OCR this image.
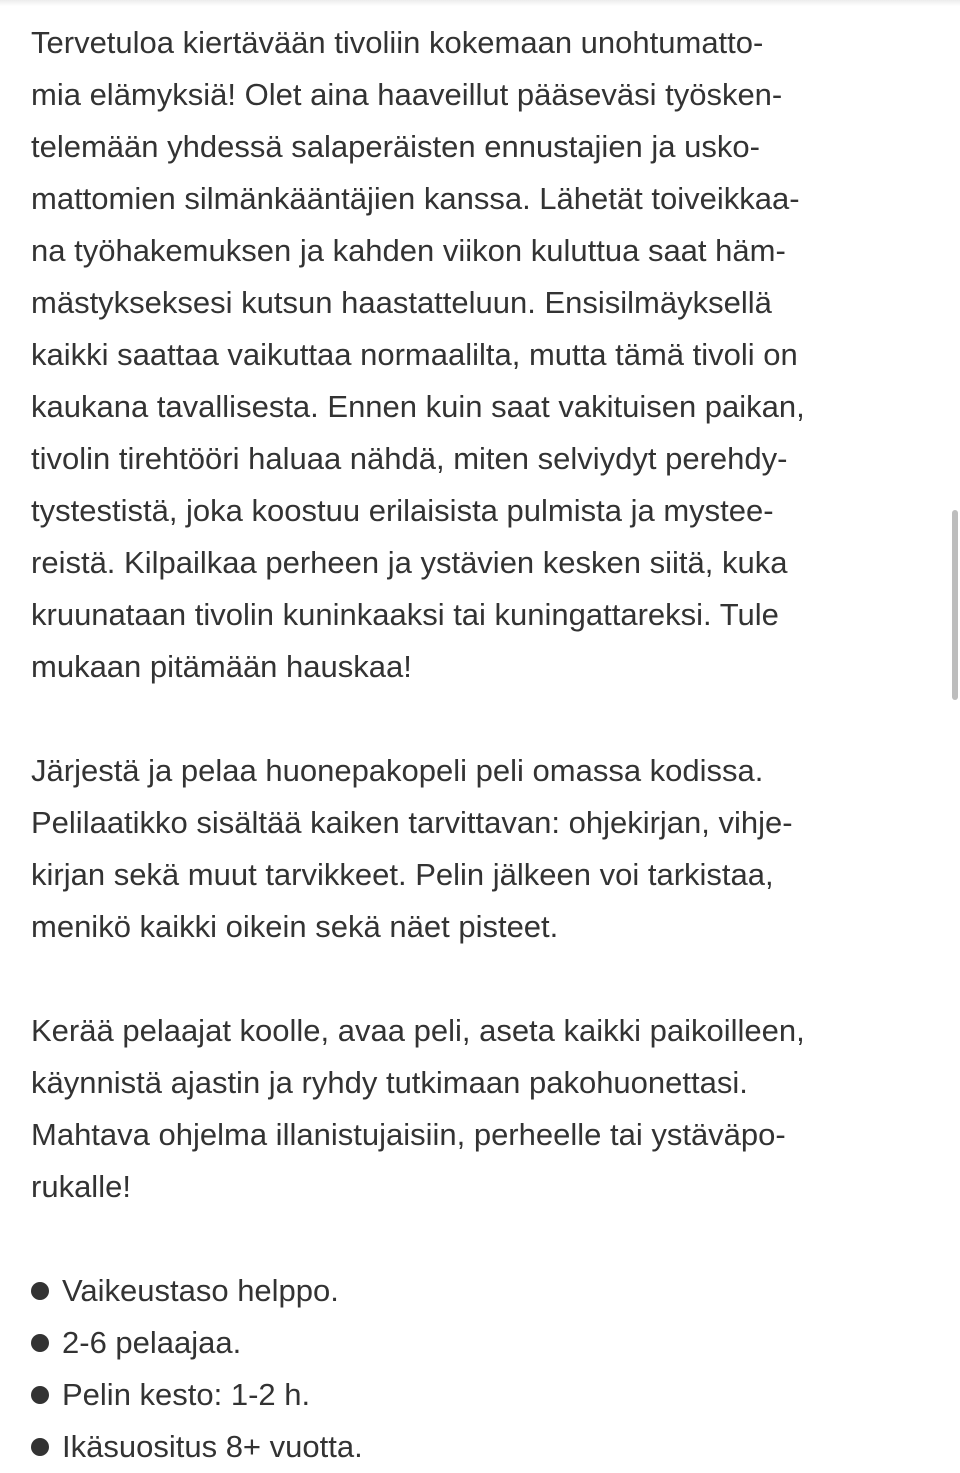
Tervetuloa kiertävään tivoliin kokemaan unohtumatto-
mia elämyksiä! Olet aina haaveillut pääseväsi työsken-
telemään yhdessä salaperäisten ennustajien ja usko-
mattomien silmänkääntäjien kanssa. Lähetät toiveikkaa-
na työhakemuksen ja kahden viikon kuluttua saat häm-
mästykseksesi kutsun haastatteluun. Ensisilmäyksellä
kaikki saattaa vaikuttaa normaalilta, mutta tämä tivoli on
kaukana tavallisesta. Ennen kuin saat vakituisen paikan,
tivolin tirehtööri haluaa nähdä, miten selviydyt perehdy-
tystestistä, joka koostuu erilaisista pulmista ja mystee-
reistä. Kilpailkaa perheen ja ystävien kesken siitä, kuka
kruunataan tivolin kuninkaaksi tai kuningattareksi. Tule
mukaan pitämään hauskaa!
Järjestä ja pelaa huonepakopeli peli omassa kodissa.
Pelilaatikko sisältää kaiken tarvittavan: ohjekirjan, vihje-
kirjan sekä muut tarvikkeet. Pelin jälkeen voi tarkistaa,
menikö kaikki oikein sekä näet pisteet.
Kerää pelaajat koolle, avaa peli, aseta kaikki paikoilleen,
käynnistä ajastin ja ryhdy tutkimaan pakohuonettasi.
Mahtava ohjelma illanistujaisiin, perheelle tai ystäväpo-
rukalle!
Vaikeustaso helppo.
2-6 pelaajaa.
Pelin kesto: 1-2 h.
Ikäsuositus 8+ vuotta.
